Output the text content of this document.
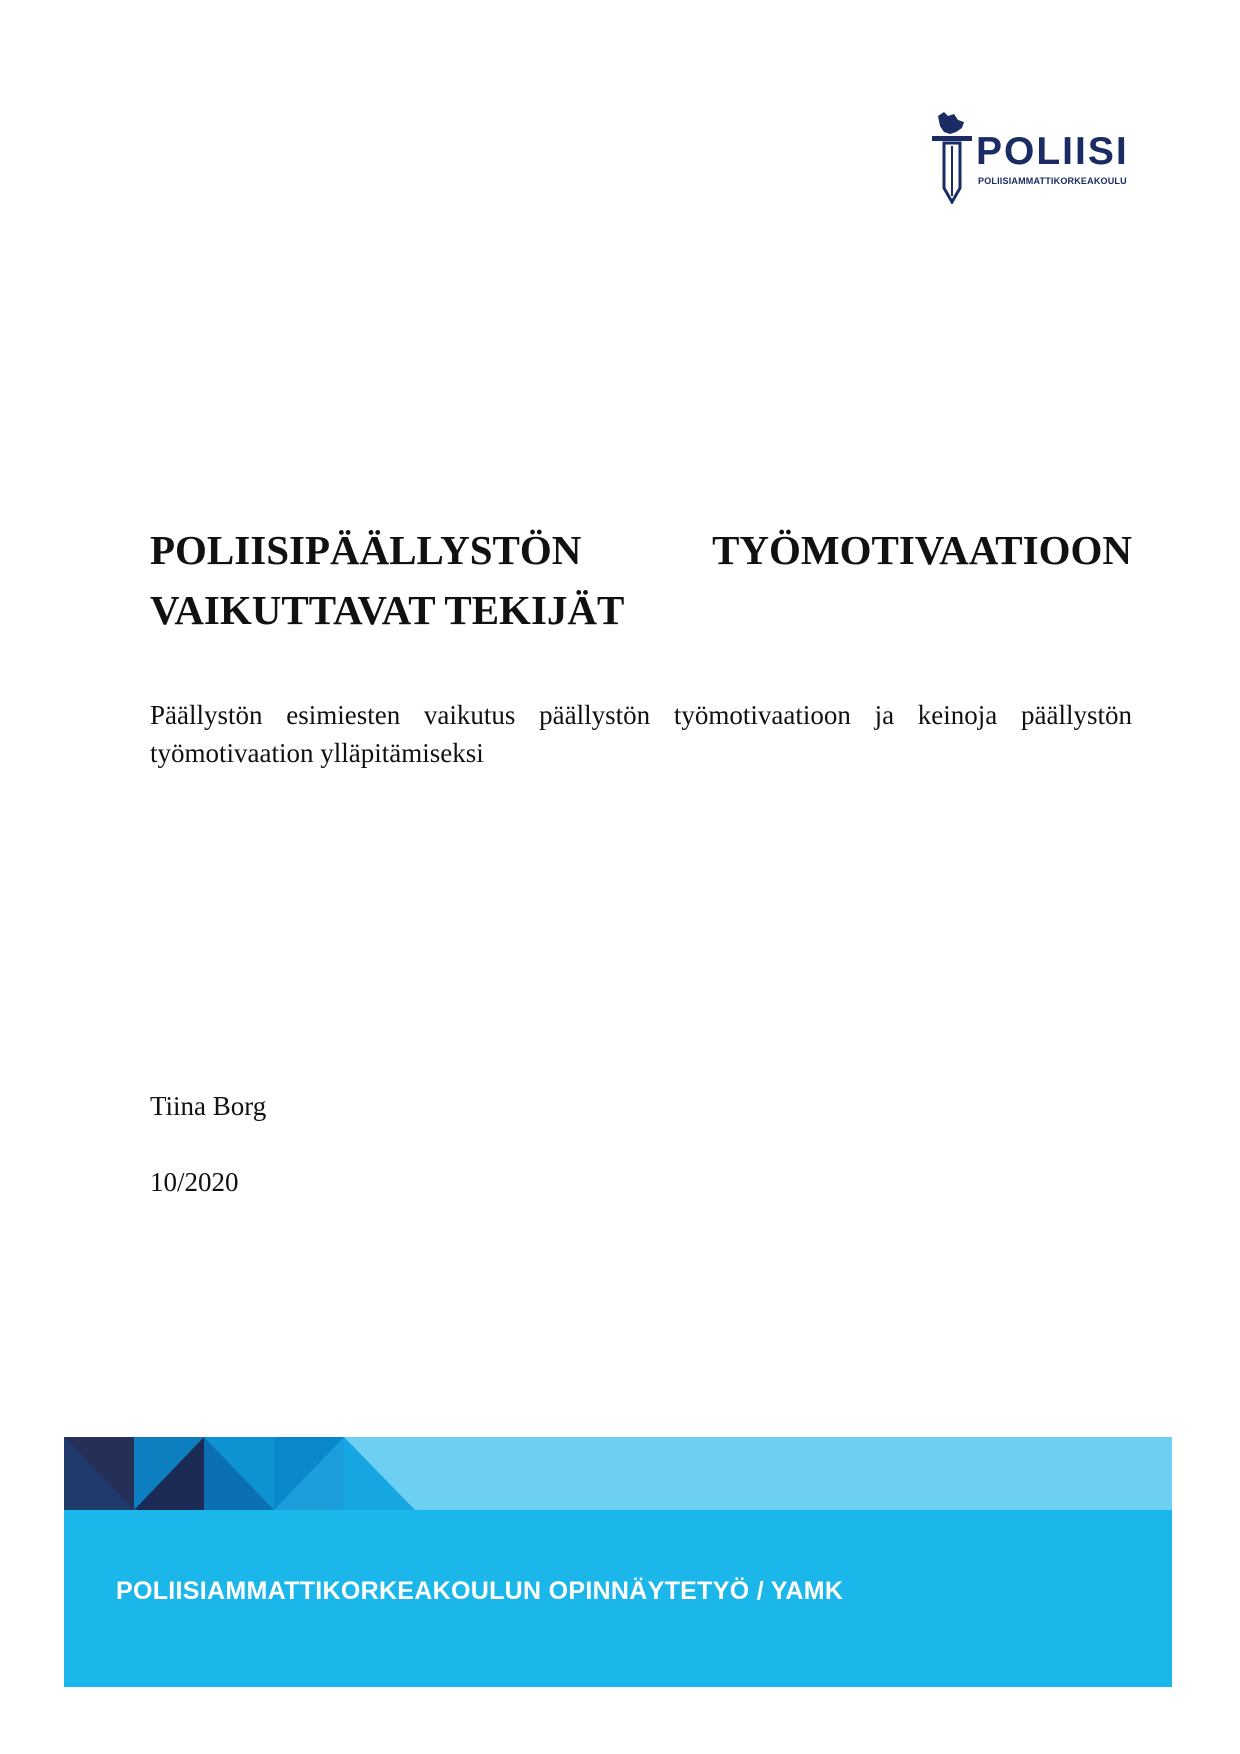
POLIISI
POLIISIAMMATTIKORKEAKOULU
POLIISIPÄÄLLYSTÖN TYÖMOTIVAATIOON VAIKUTTAVAT TEKIJÄT

Päällystön esimiesten vaikutus päällystön työmotivaatioon ja keinoja päällystön työmotivaation ylläpitämiseksi

Tiina Borg
10/2020
POLIISIAMMATTIKORKEAKOULUN OPINNÄYTETYÖ / YAMK
